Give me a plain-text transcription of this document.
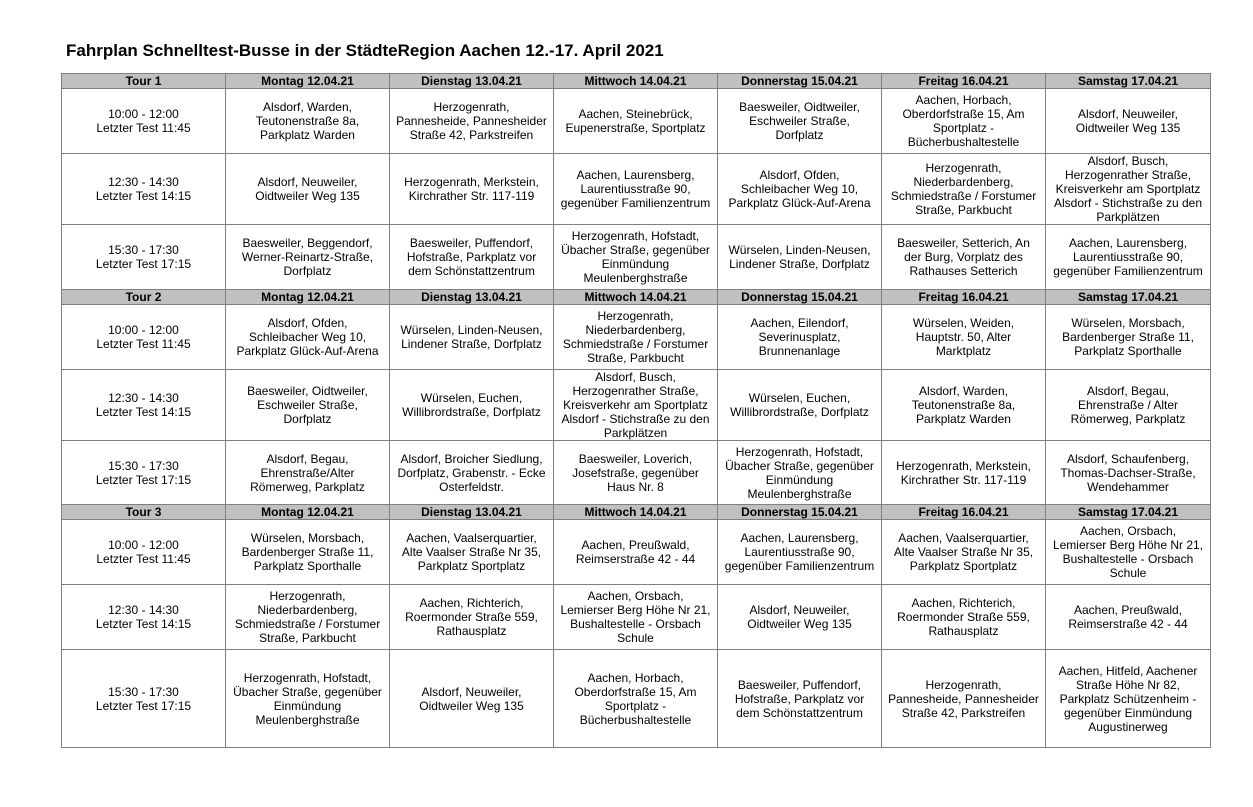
Fahrplan Schnelltest-Busse in der StädteRegion Aachen 12.-17. April 2021
Tour 1	Montag 12.04.21	Dienstag 13.04.21	Mittwoch 14.04.21	Donnerstag 15.04.21	Freitag 16.04.21	Samstag 17.04.21

10:00 - 12:00
Letzter Test 11:45	Alsdorf, Warden,
Teutonenstraße 8a,
Parkplatz Warden	Herzogenrath,
Pannesheide, Pannesheider
Straße 42, Parkstreifen	Aachen, Steinebrück,
Eupenerstraße, Sportplatz	Baesweiler, Oidtweiler,
Eschweiler Straße,
Dorfplatz	Aachen, Horbach,
Oberdorfstraße 15, Am
Sportplatz -
Bücherbushaltestelle	Alsdorf, Neuweiler,
Oidtweiler Weg 135

12:30 - 14:30
Letzter Test 14:15	Alsdorf, Neuweiler,
Oidtweiler Weg 135	Herzogenrath, Merkstein,
Kirchrather Str. 117-119	Aachen, Laurensberg,
Laurentiusstraße 90,
gegenüber Familienzentrum	Alsdorf, Ofden,
Schleibacher Weg 10,
Parkplatz Glück-Auf-Arena	Herzogenrath,
Niederbardenberg,
Schmiedstraße / Forstumer
Straße, Parkbucht	Alsdorf, Busch,
Herzogenrather Straße,
Kreisverkehr am Sportplatz
Alsdorf - Stichstraße zu den
Parkplätzen

15:30 - 17:30
Letzter Test 17:15	Baesweiler, Beggendorf,
Werner-Reinartz-Straße,
Dorfplatz	Baesweiler, Puffendorf,
Hofstraße, Parkplatz vor
dem Schönstattzentrum	Herzogenrath, Hofstadt,
Übacher Straße, gegenüber
Einmündung
Meulenberghstraße	Würselen, Linden-Neusen,
Lindener Straße, Dorfplatz	Baesweiler, Setterich, An
der Burg, Vorplatz des
Rathauses Setterich	Aachen, Laurensberg,
Laurentiusstraße 90,
gegenüber Familienzentrum

Tour 2	Montag 12.04.21	Dienstag 13.04.21	Mittwoch 14.04.21	Donnerstag 15.04.21	Freitag 16.04.21	Samstag 17.04.21

10:00 - 12:00
Letzter Test 11:45	Alsdorf, Ofden,
Schleibacher Weg 10,
Parkplatz Glück-Auf-Arena	Würselen, Linden-Neusen,
Lindener Straße, Dorfplatz	Herzogenrath,
Niederbardenberg,
Schmiedstraße / Forstumer
Straße, Parkbucht	Aachen, Eilendorf,
Severinusplatz,
Brunnenanlage	Würselen, Weiden,
Hauptstr. 50, Alter
Marktplatz	Würselen, Morsbach,
Bardenberger Straße 11,
Parkplatz Sporthalle

12:30 - 14:30
Letzter Test 14:15	Baesweiler, Oidtweiler,
Eschweiler Straße,
Dorfplatz	Würselen, Euchen,
Willibrordstraße, Dorfplatz	Alsdorf, Busch,
Herzogenrather Straße,
Kreisverkehr am Sportplatz
Alsdorf - Stichstraße zu den
Parkplätzen	Würselen, Euchen,
Willibrordstraße, Dorfplatz	Alsdorf, Warden,
Teutonenstraße 8a,
Parkplatz Warden	Alsdorf, Begau,
Ehrenstraße / Alter
Römerweg, Parkplatz

15:30 - 17:30
Letzter Test 17:15	Alsdorf, Begau,
Ehrenstraße/Alter
Römerweg, Parkplatz	Alsdorf, Broicher Siedlung,
Dorfplatz, Grabenstr. - Ecke
Osterfeldstr.	Baesweiler, Loverich,
Josefstraße, gegenüber
Haus Nr. 8	Herzogenrath, Hofstadt,
Übacher Straße, gegenüber
Einmündung
Meulenberghstraße	Herzogenrath, Merkstein,
Kirchrather Str. 117-119	Alsdorf, Schaufenberg,
Thomas-Dachser-Straße,
Wendehammer

Tour 3	Montag 12.04.21	Dienstag 13.04.21	Mittwoch 14.04.21	Donnerstag 15.04.21	Freitag 16.04.21	Samstag 17.04.21

10:00 - 12:00
Letzter Test 11:45	Würselen, Morsbach,
Bardenberger Straße 11,
Parkplatz Sporthalle	Aachen, Vaalserquartier,
Alte Vaalser Straße Nr 35,
Parkplatz Sportplatz	Aachen, Preußwald,
Reimserstraße 42 - 44	Aachen, Laurensberg,
Laurentiusstraße 90,
gegenüber Familienzentrum	Aachen, Vaalserquartier,
Alte Vaalser Straße Nr 35,
Parkplatz Sportplatz	Aachen, Orsbach,
Lemierser Berg Höhe Nr 21,
Bushaltestelle - Orsbach
Schule

12:30 - 14:30
Letzter Test 14:15	Herzogenrath,
Niederbardenberg,
Schmiedstraße / Forstumer
Straße, Parkbucht	Aachen, Richterich,
Roermonder Straße 559,
Rathausplatz	Aachen, Orsbach,
Lemierser Berg Höhe Nr 21,
Bushaltestelle - Orsbach
Schule	Alsdorf, Neuweiler,
Oidtweiler Weg 135	Aachen, Richterich,
Roermonder Straße 559,
Rathausplatz	Aachen, Preußwald,
Reimserstraße 42 - 44

15:30 - 17:30
Letzter Test 17:15	Herzogenrath, Hofstadt,
Übacher Straße, gegenüber
Einmündung
Meulenberghstraße	Alsdorf, Neuweiler,
Oidtweiler Weg 135	Aachen, Horbach,
Oberdorfstraße 15, Am
Sportplatz -
Bücherbushaltestelle	Baesweiler, Puffendorf,
Hofstraße, Parkplatz vor
dem Schönstattzentrum	Herzogenrath,
Pannesheide, Pannesheider
Straße 42, Parkstreifen	Aachen, Hitfeld, Aachener
Straße Höhe Nr 82,
Parkplatz Schützenheim -
gegenüber Einmündung
Augustinerweg
